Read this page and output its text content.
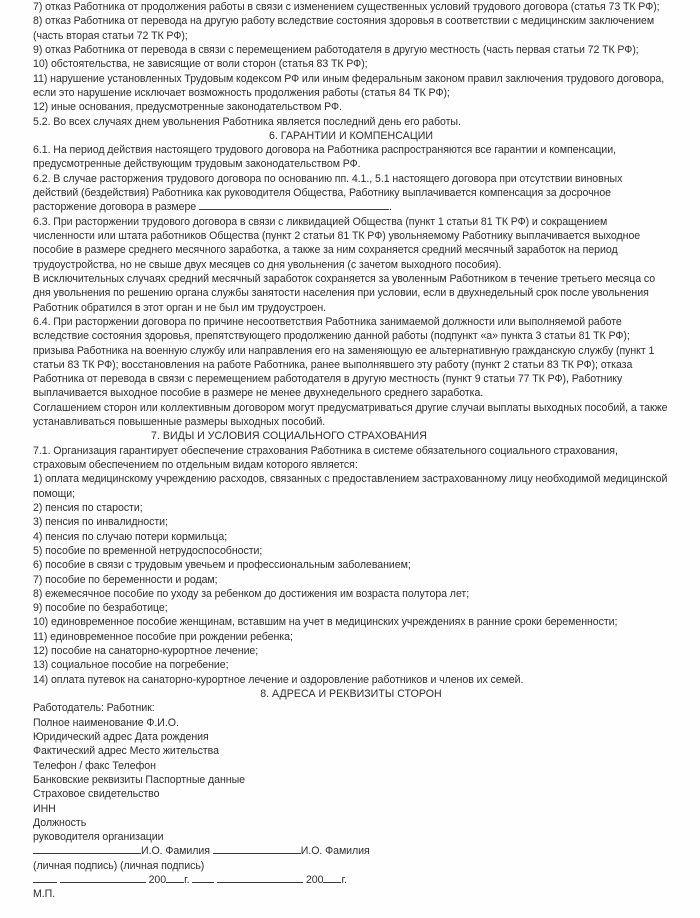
7) отказ Работника от продолжения работы в связи с изменением существенных условий трудового договора (статья 73 ТК РФ);

8) отказ Работника от перевода на другую работу вследствие состояния здоровья в соответствии с медицинским заключением (часть вторая статьи 72 ТК РФ);

9) отказ Работника от перевода в связи с перемещением работодателя в другую местность (часть первая статьи 72 ТК РФ);

10) обстоятельства, не зависящие от воли сторон (статья 83 ТК РФ);

11) нарушение установленных Трудовым кодексом РФ или иным федеральным законом правил заключения трудового договора, если это нарушение исключает возможность продолжения работы (статья 84 ТК РФ);

12) иные основания, предусмотренные законодательством РФ.

5.2. Во всех случаях днем увольнения Работника является последний день его работы.

6. ГАРАНТИИ И КОМПЕНСАЦИИ

6.1. На период действия настоящего трудового договора на Работника распространяются все гарантии и компенсации, предусмотренные действующим трудовым законодательством РФ.

6.2. В случае расторжения трудового договора по основанию пп. 4.1., 5.1 настоящего договора при отсутствии виновных действий (бездействия) Работника как руководителя Общества, Работнику выплачивается компенсация за досрочное расторжение договора в размере	.

6.3. При расторжении трудового договора в связи с ликвидацией Общества (пункт 1 статьи 81 ТК РФ) и сокращением численности или штата работников Общества (пункт 2 статьи 81 ТК РФ) увольняемому Работнику выплачивается выходное пособие в размере среднего месячного заработка, а также за ним сохраняется средний месячный заработок на период трудоустройства, но не свыше двух месяцев со дня увольнения (с зачетом выходного пособия).

В исключительных случаях средний месячный заработок сохраняется за уволенным Работником в течение третьего месяца со дня увольнения по решению органа службы занятости населения при условии, если в двухнедельный срок после увольнения Работник обратился в этот орган и не был им трудоустроен.

6.4. При расторжении договора по причине несоответствия Работника занимаемой должности или выполняемой работе вследствие состояния здоровья, препятствующего продолжению данной работы (подпункт «а» пункта 3 статьи 81 ТК РФ); призыва Работника на военную службу или направления его на заменяющую ее альтернативную гражданскую службу (пункт 1 статьи 83 ТК РФ); восстановления на работе Работника, ранее выполнявшего эту работу (пункт 2 статьи 83 ТК РФ); отказа Работника от перевода в связи с перемещением работодателя в другую местность (пункт 9 статьи 77 ТК РФ), Работнику выплачивается выходное пособие в размере не менее двухнедельного среднего заработка.

Соглашением сторон или коллективным договором могут предусматриваться другие случаи выплаты выходных пособий, а также устанавливаться повышенные размеры выходных пособий.

7. ВИДЫ И УСЛОВИЯ СОЦИАЛЬНОГО СТРАХОВАНИЯ

7.1. Организация гарантирует обеспечение страхования Работника в системе обязательного социального страхования, страховым обеспечением по отдельным видам которого является:

1) оплата медицинскому учреждению расходов, связанных с предоставлением застрахованному лицу необходимой медицинской помощи;

2) пенсия по старости;

3) пенсия по инвалидности;

4) пенсия по случаю потери кормильца;

5) пособие по временной нетрудоспособности;

6) пособие в связи с трудовым увечьем и профессиональным заболеванием;

7) пособие по беременности и родам;

8) ежемесячное пособие по уходу за ребенком до достижения им возраста полутора лет;

9) пособие по безработице;

10) единовременное пособие женщинам, вставшим на учет в медицинских учреждениях в ранние сроки беременности;

11) единовременное пособие при рождении ребенка;

12) пособие на санаторно-курортное лечение;

13) социальное пособие на погребение;

14) оплата путевок на санаторно-курортное лечение и оздоровление работников и членов их семей.

8. АДРЕСА И РЕКВИЗИТЫ СТОРОН

Работодатель: Работник:

Полное наименование Ф.И.О.

Юридический адрес Дата рождения

Фактический адрес Место жительства

Телефон / факс Телефон

Банковские реквизиты Паспортные данные

Страховое свидетельство

ИНН

Должность

руководителя организации

И.О. Фамилия	И.О. Фамилия

(личная подпись) (личная подпись)

200 г.	200 г.

М.П.
